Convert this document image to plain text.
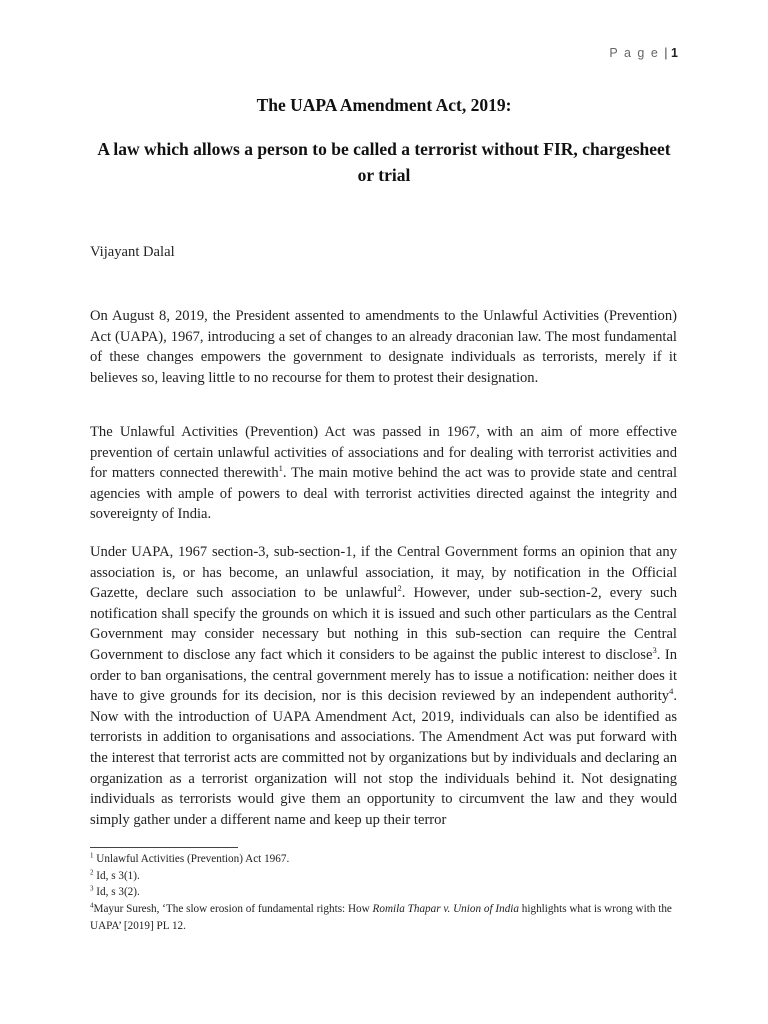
P a g e | 1
The UAPA Amendment Act, 2019:
A law which allows a person to be called a terrorist without FIR, chargesheet or trial
Vijayant Dalal

On August 8, 2019, the President assented to amendments to the Unlawful Activities (Prevention) Act (UAPA), 1967, introducing a set of changes to an already draconian law. The most fundamental of these changes empowers the government to designate individuals as terrorists, merely if it believes so, leaving little to no recourse for them to protest their designation.

The Unlawful Activities (Prevention) Act was passed in 1967, with an aim of more effective prevention of certain unlawful activities of associations and for dealing with terrorist activities and for matters connected therewith$^1$. The main motive behind the act was to provide state and central agencies with ample of powers to deal with terrorist activities directed against the integrity and sovereignty of India.

Under UAPA, 1967 section-3, sub-section-1, if the Central Government forms an opinion that any association is, or has become, an unlawful association, it may, by notification in the Official Gazette, declare such association to be unlawful$^2$. However, under sub-section-2, every such notification shall specify the grounds on which it is issued and such other particulars as the Central Government may consider necessary but nothing in this sub-section can require the Central Government to disclose any fact which it considers to be against the public interest to disclose$^3$. In order to ban organisations, the central government merely has to issue a notification: neither does it have to give grounds for its decision, nor is this decision reviewed by an independent authority$^4$. Now with the introduction of UAPA Amendment Act, 2019, individuals can also be identified as terrorists in addition to organisations and associations. The Amendment Act was put forward with the interest that terrorist acts are committed not by organizations but by individuals and declaring an organization as a terrorist organization will not stop the individuals behind it. Not designating individuals as terrorists would give them an opportunity to circumvent the law and they would simply gather under a different name and keep up their terror

$^1$ Unlawful Activities (Prevention) Act 1967.

$^2$ Id, s 3(1).

$^3$ Id, s 3(2).

$^4$Mayur Suresh, ‘The slow erosion of fundamental rights: How Romila Thapar v. Union of India highlights what is wrong with the UAPA’ [2019] PL 12.
